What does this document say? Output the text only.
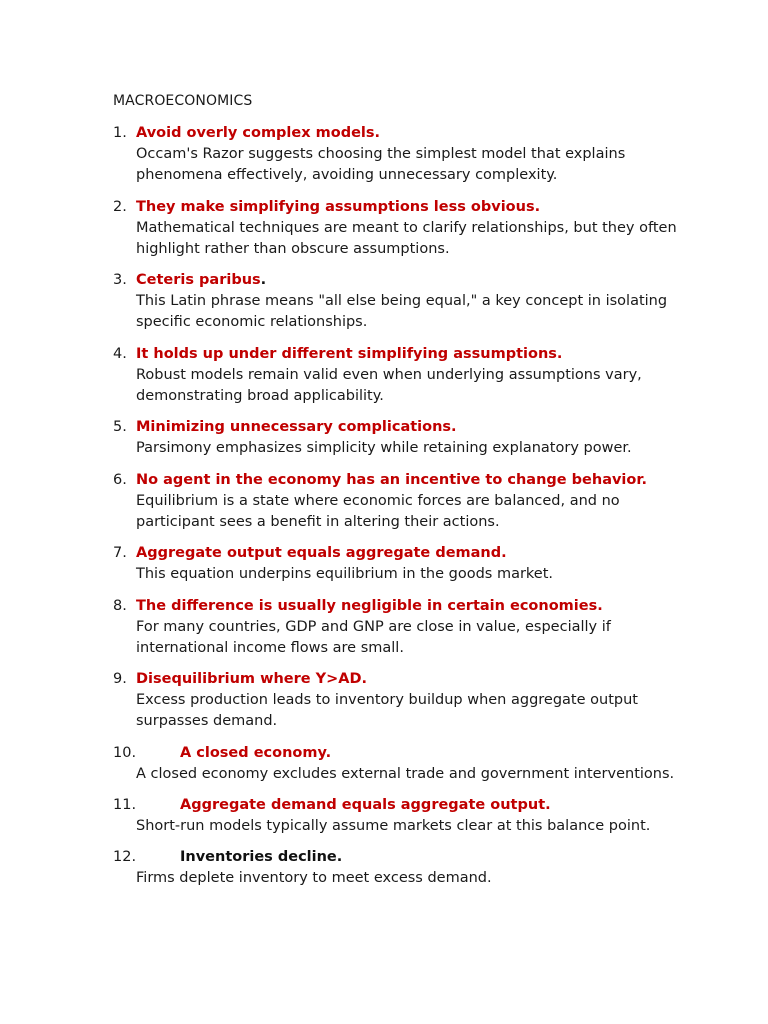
MACROECONOMICS
1. Avoid overly complex models.
Occam's Razor suggests choosing the simplest model that explains phenomena effectively, avoiding unnecessary complexity.
2. They make simplifying assumptions less obvious.
Mathematical techniques are meant to clarify relationships, but they often highlight rather than obscure assumptions.
3. Ceteris paribus .
This Latin phrase means "all else being equal," a key concept in isolating specific economic relationships.
4. It holds up under different simplifying assumptions.
Robust models remain valid even when underlying assumptions vary, demonstrating broad applicability.
5. Minimizing unnecessary complications.
Parsimony emphasizes simplicity while retaining explanatory power.
6. No agent in the economy has an incentive to change behavior.
Equilibrium is a state where economic forces are balanced, and no participant sees a benefit in altering their actions.
7. Aggregate output equals aggregate demand.
This equation underpins equilibrium in the goods market.
8. The difference is usually negligible in certain economies.
For many countries, GDP and GNP are close in value, especially if international income flows are small.
9. Disequilibrium where Y>AD.
Excess production leads to inventory buildup when aggregate output surpasses demand.
10.	A closed economy.
A closed economy excludes external trade and government interventions.
11.	Aggregate demand equals aggregate output.
Short-run models typically assume markets clear at this balance point.
12.	Inventories decline.
Firms deplete inventory to meet excess demand.
